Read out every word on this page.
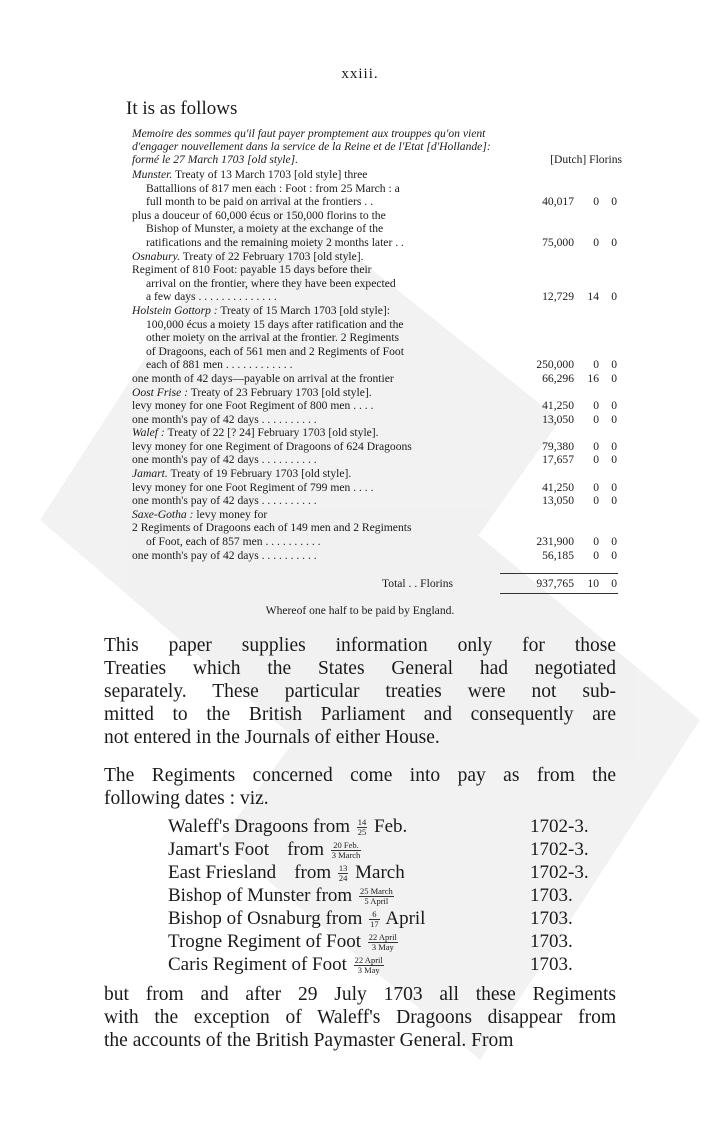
xxiii.
It is as follows
Memoire des sommes qu'il faut payer promptement aux trouppes qu'on vient
d'engager nouvellement dans la service de la Reine et de l'Etat [d'Hollande]:
formé le 27 March 1703 [old style].	[Dutch] Florins
Munster. Treaty of 13 March 1703 [old style] three
Battallions of 817 men each : Foot : from 25 March : a
full month to be paid on arrival at the frontiers . .	40,017	0	0
plus a douceur of 60,000 écus or 150,000 florins to the
Bishop of Munster, a moiety at the exchange of the
ratifications and the remaining moiety 2 months later . .	75,000	0	0
Osnabury. Treaty of 22 February 1703 [old style].
Regiment of 810 Foot: payable 15 days before their
arrival on the frontier, where they have been expected
a few days . . . . . . . . . . . . . .	12,729	14	0
Holstein Gottorp : Treaty of 15 March 1703 [old style]:
100,000 écus a moiety 15 days after ratification and the
other moiety on the arrival at the frontier. 2 Regiments
of Dragoons, each of 561 men and 2 Regiments of Foot
each of 881 men . . . . . . . . . . . .	250,000	0	0
one month of 42 days—payable on arrival at the frontier	66,296	16	0
Oost Frise : Treaty of 23 February 1703 [old style].
levy money for one Foot Regiment of 800 men . . . .	41,250	0	0
one month's pay of 42 days . . . . . . . . . .	13,050	0	0
Walef : Treaty of 22 [? 24] February 1703 [old style].
levy money for one Regiment of Dragoons of 624 Dragoons	79,380	0	0
one month's pay of 42 days . . . . . . . . . .	17,657	0	0
Jamart. Treaty of 19 February 1703 [old style].
levy money for one Foot Regiment of 799 men . . . .	41,250	0	0
one month's pay of 42 days . . . . . . . . . .	13,050	0	0
Saxe-Gotha : levy money for
2 Regiments of Dragoons each of 149 men and 2 Regiments
of Foot, each of 857 men . . . . . . . . . .	231,900	0	0
one month's pay of 42 days . . . . . . . . . .	56,185	0	0
Total . . Florins	937,765	10	0
Whereof one half to be paid by England.
This paper supplies information only for those
Treaties which the States General had negotiated
separately. These particular treaties were not sub-
mitted to the British Parliament and consequently are
not entered in the Journals of either House.
The Regiments concerned come into pay as from the
following dates : viz.
Waleff's Dragoons from $\frac{14}{25}$ Feb.	1702-3.
Jamart's Foot from $\frac{\text{20 Feb.}}{\text{3 March}}$	1702-3.
East Friesland from $\frac{13}{24}$ March	1702-3.
Bishop of Munster from $\frac{\text{25 March}}{\text{5 April}}$	1703.
Bishop of Osnaburg from $\frac{6}{17}$ April	1703.
Trogne Regiment of Foot $\frac{\text{22 April}}{\text{3 May}}$	1703.
Caris Regiment of Foot $\frac{\text{22 April}}{\text{3 May}}$	1703.
but from and after 29 July 1703 all these Regiments
with the exception of Waleff's Dragoons disappear from
the accounts of the British Paymaster General. From
